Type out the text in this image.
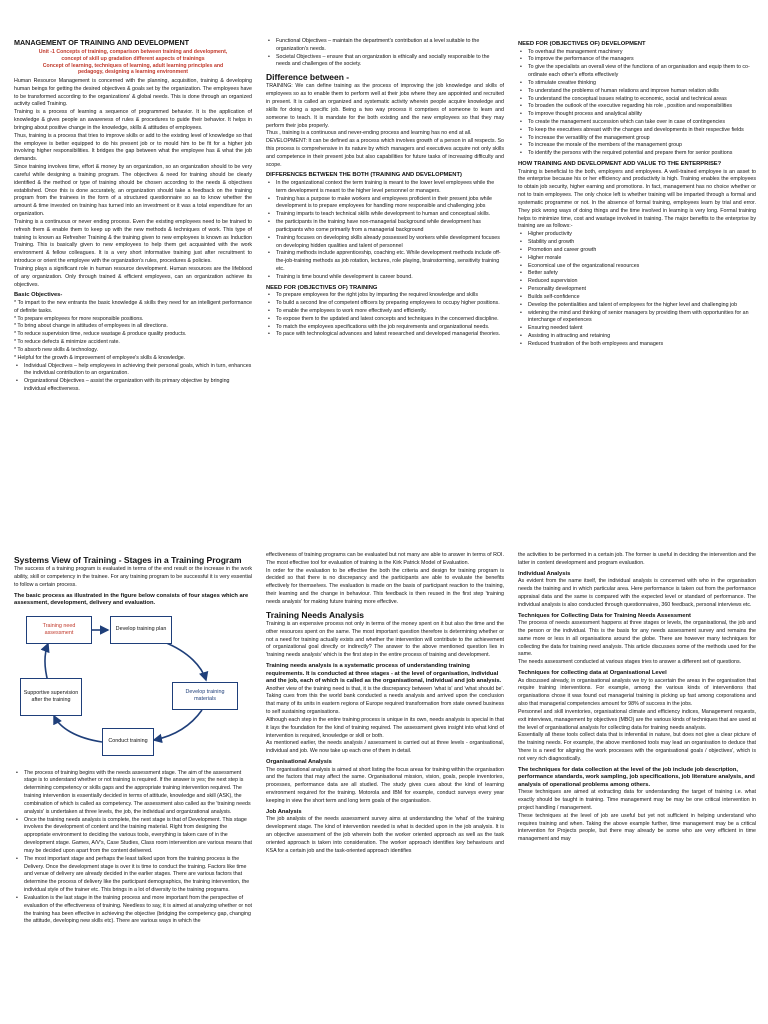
MANAGEMENT OF TRAINING AND DEVELOPMENT
Unit -1 Concepts of training, comparison between training and development,
concept of skill up gradation different aspects of trainings
Concept of learning, techniques of learning, adult learning principles and
pedagogy, designing a learning environment

Human Resource Management is concerned with the planning, acquisition, training & developing human beings for getting the desired objectives & goals set by the organization. The employees have to be transformed according to the organizations' & global needs. This is done through an organized activity called Training.

Training is a process of learning a sequence of programmed behavior. It is the application of knowledge & gives people an awareness of rules & procedures to guide their behavior. It helps in bringing about positive change in the knowledge, skills & attitudes of employees.

Thus, training is a process that tries to improve skills or add to the existing level of knowledge so that the employee is better equipped to do his present job or to mould him to be fit for a higher job involving higher responsibilities. It bridges the gap between what the employee has & what the job demands.

Since training involves time, effort & money by an organization, so an organization should to be very careful while designing a training program. The objectives & need for training should be clearly identified & the method or type of training should be chosen according to the needs & objectives established. Once this is done accurately, an organization should take a feedback on the training program from the trainees in the form of a structured questionnaire so as to know whether the amount & time invested on training has turned into an investment or it was a total expenditure for an organization.

Training is a continuous or never ending process. Even the existing employees need to be trained to refresh them & enable them to keep up with the new methods & techniques of work. This type of training is known as Refresher Training & the training given to new employees is known as Induction Training. This is basically given to new employees to help them get acquainted with the work environment & fellow colleagues. It is a very short informative training just after recruitment to introduce or orient the employee with the organization's rules, procedures & policies.

Training plays a significant role in human resource development. Human resources are the lifeblood of any organization. Only through trained & efficient employees, can an organization achieve its objectives.

Basic Objectives-

* To impart to the new entrants the basic knowledge & skills they need for an intelligent performance of definite tasks.

* To prepare employees for more responsible positions.

* To bring about change in attitudes of employees in all directions.

* To reduce supervision time, reduce wastage & produce quality products.

* To reduce defects & minimize accident rate.

* To absorb new skills & technology.

* Helpful for the growth & improvement of employee's skills & knowledge.

• Individual Objectives – help employees in achieving their personal goals, which in turn, enhances the individual contribution to an organization.
• Organizational Objectives – assist the organization with its primary objective by bringing individual effectiveness.
• Functional Objectives – maintain the department's contribution at a level suitable to the organization's needs.
• Societal Objectives – ensure that an organization is ethically and socially responsible to the needs and challenges of the society.
Difference between -

TRAINING: We can define training as the process of improving the job knowledge and skills of employees so as to enable them to perform well at their jobs where they are appointed and recruited in present. It is called an organized and systematic activity wherein people acquire knowledge and skills for doing a specific job. Being a two way process it comprises of someone to learn and someone to teach. It is mandate for the both existing and the new employees so that they may perform their jobs properly.

Thus , training is a continuous and never-ending process and learning has no end at all.

DEVELOPMENT: It can be defined as a process which involves growth of a person in all respects. So this process is comprehensive in its nature by which managers and executives acquire not only skills and competence in their present jobs but also capabilities for future tasks of increasing difficulty and scope.

DIFFERENCES BETWEEN THE BOTH (TRAINING AND DEVELOPMENT)
• In the organizational context the term training is meant to the lower level employees while the term development is meant to the higher level personnel or managers.
• Training has a purpose to make workers and employees proficient in their present jobs while development is to prepare employees for handling more responsible and challenging jobs
• Training imparts to teach technical skills while development to human and conceptual skills.
• the participants in the training have non-managerial background while development has participants who come primarily from a managerial background
• Training focuses on developing skills already possessed by workers while development focuses on developing hidden qualities and talent of personnel
• Training methods include apprenticeship, coaching etc. While development methods include off-the-job-training methods as job rotation, lectures, role playing, brainstorming, sensitivity training etc.
• Training is time bound while development is career bound.
NEED FOR (OBJECTIVES OF) TRAINING
• To prepare employees for the right jobs by imparting the required knowledge and skills
• To build a second line of competent officers by preparing employees to occupy higher positions.
• To enable the employees to work more effectively and efficiently.
• To expose them to the updated and latest concepts and techniques in the concerned discipline.
• To match the employees specifications with the job requirements and organizational needs.
• To pace with technological advances and latest researched and developed managerial theories.
NEED FOR (OBJECTIVES OF) DEVELOPMENT
• To overhaul the management machinery
• To improve the performance of the managers
• To give the specialists an overall view of the functions of an organisation and equip them to co-ordinate each other's efforts effectively
• To stimulate creative thinking
• To understand the problems of human relations and improve human relation skills
• To understand the conceptual issues relating to economic, social and technical areas
• To broaden the outlook of the executive regarding his role , position and responsibilities
• To improve thought process and analytical ability
• To create the management succession which can take over in case of contingencies
• To keep the executives abreast with the changes and developments in their respective fields
• To increase the versatility of the management group
• To increase the morale of the members of the management group
• To identify the persons with the required potential and prepare them for senior positions
HOW TRAINING AND DEVELOPMENT ADD VALUE TO THE ENTERPRISE?

Training is beneficial to the both, employers and employees. A well-trained employee is an asset to the enterprise because his or her efficiency and productivity is high. Training enables the employees to obtain job security, higher earning and promotions. In fact, management has no choice whether or not to train employees. The only choice left is whether training will be imparted through a formal and systematic programme or not. In the absence of formal training, employees learn by trial and error. They pick wrong ways of doing things and the time involved in learning is very long. Formal training helps to minimize time, cost and wastage involved in training. The major benefits to the enterprise by training are as follows:-

• Higher productivity
• Stability and growth
• Promotion and career growth
• Higher morale
• Economical use of the organizational resources
• Better safety
• Reduced supervision
• Personality development
• Builds self-confidence
• Develop the potentialities and talent of employees for the higher level and challenging job
• widening the mind and thinking of senior managers by providing them with opportunities for an interchange of experiences
• Ensuring needed talent
• Assisting in attracting and retaining
• Reduced frustration of the both employees and managers
Systems View of Training - Stages in a Training Program

The success of a training program is evaluated in terms of the end result or the increase in the work ability, skill or competency in the trainee. For any training program to be successful it is very essential to follow a certain process.

The basic process as illustrated in the figure below consists of four stages which are assessment, development, delivery and evaluation.
Training need assessment
Develop training plan
Develop training materials
Conduct training
Supportive supervision after the training
• The process of training begins with the needs assessment stage. The aim of the assessment stage is to understand whether or not training is required. If the answer is yes; the next step is determining competency or skills gaps and the appropriate training intervention required. The training intervention is essentially decided in terms of attitude, knowledge and skill (ASK), the combination of which is called as competency. The assessment also called as the 'training needs analysis' is undertaken at three levels, the job, the individual and organizational analysis.
• Once the training needs analysis is complete, the next stage is that of Development. This stage involves the development of content and the training material. Right from designing the appropriate environment to deciding the various tools, everything is taken care of in the development stage. Games, A/V's, Case Studies, Class room intervention are various means that may be decided upon apart from the content delivered.
• The most important stage and perhaps the least talked upon from the training process is the Delivery. Once the development stage is over it is time to conduct the training. Factors like time and venue of delivery are already decided in the earlier stages. There are various factors that determine the process of delivery like the participant demographics, the training intervention, the individual style of the trainer etc. This brings in a lot of diversity to the training programs.
• Evaluation is the last stage in the training process and more important from the perspective of evaluation of the effectiveness of training. Needless to say, it is aimed at analyzing whether or not the training has been effective in achieving the objective (bridging the competency gap, changing the attitude, developing new skills etc). There are various ways in which the

effectiveness of training programs can be evaluated but not many are able to answer in terms of ROI. The most effective tool for evaluation of training is the Kirk Patrick Model of Evaluation.

In order for the evaluation to be effective the both the criteria and design for training program is decided so that there is no discrepancy and the participants are able to evaluate the benefits effectively for themselves. The evaluation is made on the basis of participant reaction to the training, their learning and the change in behaviour. This feedback is then reused in the first step 'training needs analysis' for making future training more effective.

Training Needs Analysis

Training is an expensive process not only in terms of the money spent on it but also the time and the other resources spent on the same. The most important question therefore is determining whether or not a need for training actually exists and whether the intervention will contribute to the achievement of organizational goal directly or indirectly? The answer to the above mentioned question lies in 'training needs analysis' which is the first step in the entire process of training and development.

Training needs analysis is a systematic process of understanding training requirements. It is conducted at three stages - at the level of organisation, individual and the job, each of which is called as the organisational, individual and job analysis.

Another view of the training need is that, it is the discrepancy between 'what is' and 'what should be'. Taking cues from this the world bank conducted a needs analysis and arrived upon the conclusion that many of its units in eastern regions of Europe required transformation from state owned business to self sustaining organisations.

Although each step in the entire training process is unique in its own, needs analysis is special in that it lays the foundation for the kind of training required. The assessment gives insight into what kind of intervention is required, knowledge or skill or both.

As mentioned earlier, the needs analysis / assessment is carried out at three levels - organisational, individual and job. We now take up each one of them in detail.

Organisational Analysis

The organisational analysis is aimed at short listing the focus areas for training within the organisation and the factors that may affect the same. Organisational mission, vision, goals, people inventories, processes, performance data are all studied. The study gives cues about the kind of learning environment required for the training. Motorola and IBM for example, conduct surveys every year keeping in view the short term and long term goals of the organisation.

Job Analysis

The job analysis of the needs assessment survey aims at understanding the 'what' of the training development stage. The kind of intervention needed is what is decided upon in the job analysis. It is an objective assessment of the job wherein both the worker oriented approach as well as the task oriented approach is taken into consideration. The worker approach identifies key behaviours and KSA for a certain job and the task-oriented approach identifies

the activities to be performed in a certain job. The former is useful in deciding the intervention and the latter in content development and program evaluation.

Individual Analysis

As evident from the name itself, the individual analysis is concerned with who in the organisation needs the training and in which particular area. Here performance is taken out from the performance appraisal data and the same is compared with the expected level or standard of performance. The individual analysis is also conducted through questionnaires, 360 feedback, personal interviews etc.

Techniques for Collecting Data for Training Needs Assessment

The process of needs assessment happens at three stages or levels, the organisational, the job and the person or the individual. This is the basis for any needs assessment survey and remains the same more or less in all organisations around the globe. There are however many techniques for collecting the data for training need analysis. This article discusses some of the methods used for the same.

The needs assessment conducted at various stages tries to answer a different set of questions.

Techniques for collecting data at Organisational Level

As discussed already, in organisational analysis we try to ascertain the areas in the organisation that require training interventions. For example, among the various kinds of interventions that organisations chose it was found out managerial training is picking up fast among corporations and also that managerial competencies amount for 98% of success in the jobs.

Personnel and skill inventories, organisational climate and efficiency indices, Management requests, exit interviews, management by objectives (MBO) are the various kinds of techniques that are used at the level of organisational analysis for collecting data for training needs analysis.

Essentially all these tools collect data that is inferential in nature, but does not give a clear picture of the training needs. For example, the above mentioned tools may lead an organisation to deduce that 'there is a need for aligning the work processes with the organisational goals / objectives', which is not very rich diagnostically.

The techniques for data collection at the level of the job include job description, performance standards, work sampling, job specifications, job literature analysis, and analysis of operational problems among others.

These techniques are aimed at extracting data for understanding the target of training i.e. what exactly should be taught in training. Time management may be may be one critical intervention in project handling / management.

These techniques at the level of job are useful but yet not sufficient in helping understand who requires training and when. Taking the above example further, time management may be a critical intervention for Projects people, but there may already be some who are very efficient in time management and may
